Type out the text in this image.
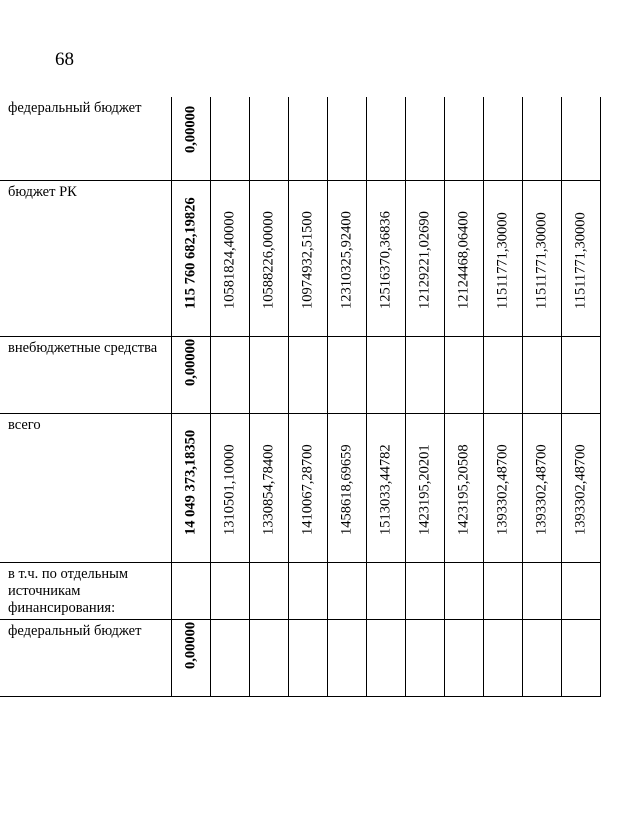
68
федеральный бюджет	0,00000										

бюджет РК	115 760 682,19826	10581824,40000	10588226,00000	10974932,51500	12310325,92400	12516370,36836	12129221,02690	12124468,06400	11511771,30000	11511771,30000	11511771,30000

внебюджетные средства	0,00000										

всего	14 049 373,18350	1310501,10000	1330854,78400	1410067,28700	1458618,69659	1513033,44782	1423195,20201	1423195,20508	1393302,48700	1393302,48700	1393302,48700

в т.ч. по отдельным источникам финансирования:											

федеральный бюджет	0,00000										
